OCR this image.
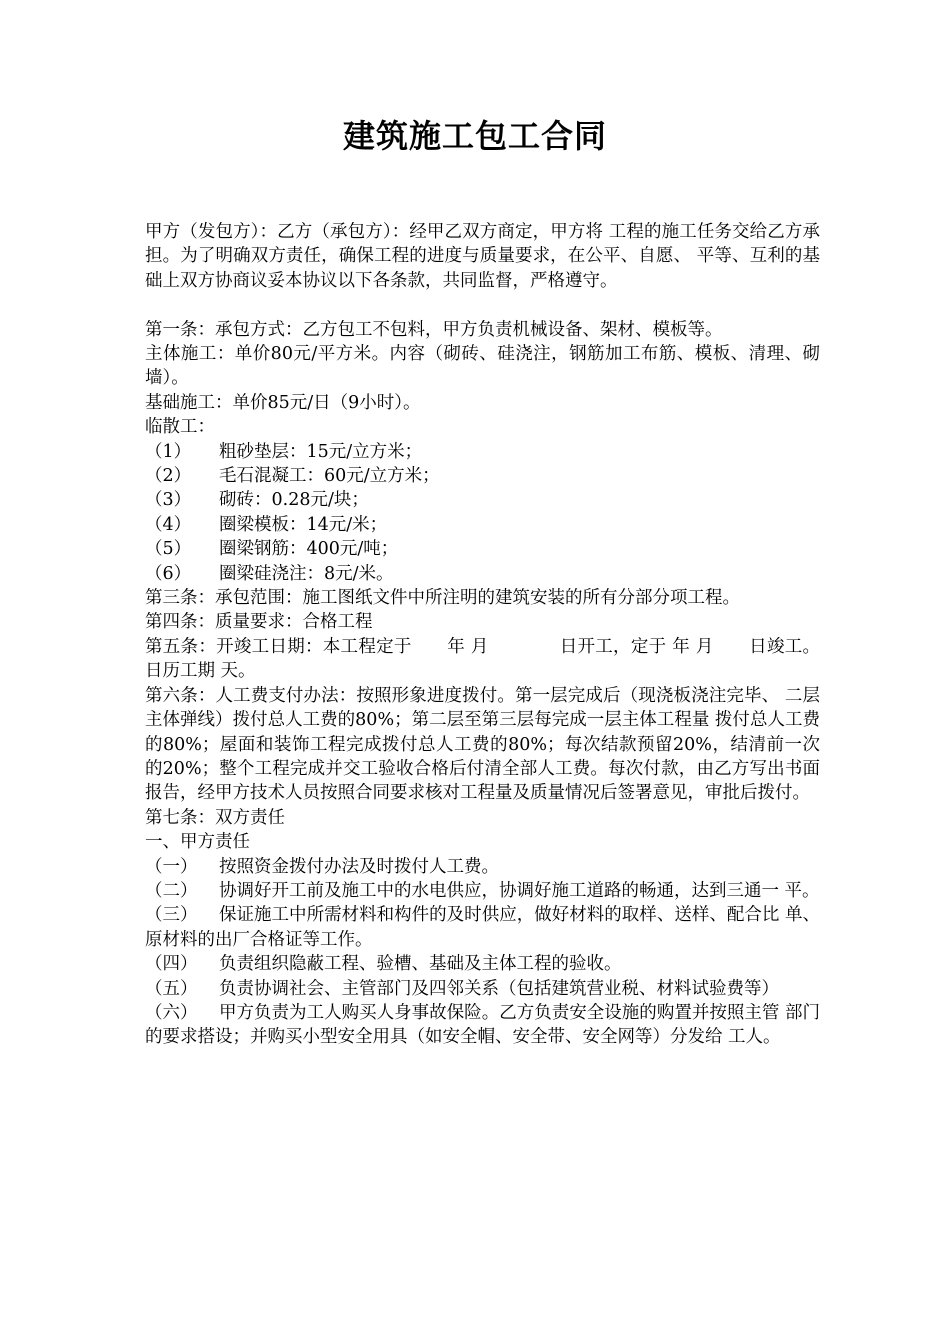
建筑施工包工合同

甲方（发包方）：乙方（承包方）：经甲乙双方商定，甲方将 工程的施工任务交给乙方承担。为了明确双方责任，确保工程的进度与质量要求，在公平、自愿、 平等、互利的基础上双方协商议妥本协议以下各条款，共同监督，严格遵守。

第一条：承包方式：乙方包工不包料，甲方负责机械设备、架材、模板等。

主体施工：单价80元/平方米。内容（砌砖、硅浇注，钢筋加工布筋、模板、清理、砌墙）。

基础施工：单价85元/日（9小时）。

临散工：

（1） 粗砂垫层：15元/立方米；

（2） 毛石混凝工：60元/立方米；

（3） 砌砖：0.28元/块；

（4） 圈梁模板：14元/米；

（5） 圈梁钢筋：400元/吨；

（6） 圈梁硅浇注：8元/米。

第三条：承包范围：施工图纸文件中所注明的建筑安装的所有分部分项工程。

第四条：质量要求：合格工程

第五条：开竣工日期：本工程定于　　年 月　　　　日开工，定于 年 月　　日竣工。日历工期 天。

第六条：人工费支付办法：按照形象进度拨付。第一层完成后（现浇板浇注完毕、 二层主体弹线）拨付总人工费的80%；第二层至第三层每完成一层主体工程量 拨付总人工费的80%；屋面和装饰工程完成拨付总人工费的80%；每次结款预留20%，结清前一次的20%；整个工程完成并交工验收合格后付清全部人工费。每次付款，由乙方写出书面报告，经甲方技术人员按照合同要求核对工程量及质量情况后签署意见，审批后拨付。

第七条：双方责任

一、甲方责任

（一） 按照资金拨付办法及时拨付人工费。

（二） 协调好开工前及施工中的水电供应，协调好施工道路的畅通，达到三通一 平。

（三） 保证施工中所需材料和构件的及时供应，做好材料的取样、送样、配合比 单、原材料的出厂合格证等工作。

（四） 负责组织隐蔽工程、验槽、基础及主体工程的验收。

（五） 负责协调社会、主管部门及四邻关系（包括建筑营业税、材料试验费等）

（六） 甲方负责为工人购买人身事故保险。乙方负责安全设施的购置并按照主管 部门的要求搭设；并购买小型安全用具（如安全帽、安全带、安全网等）分发给 工人。
